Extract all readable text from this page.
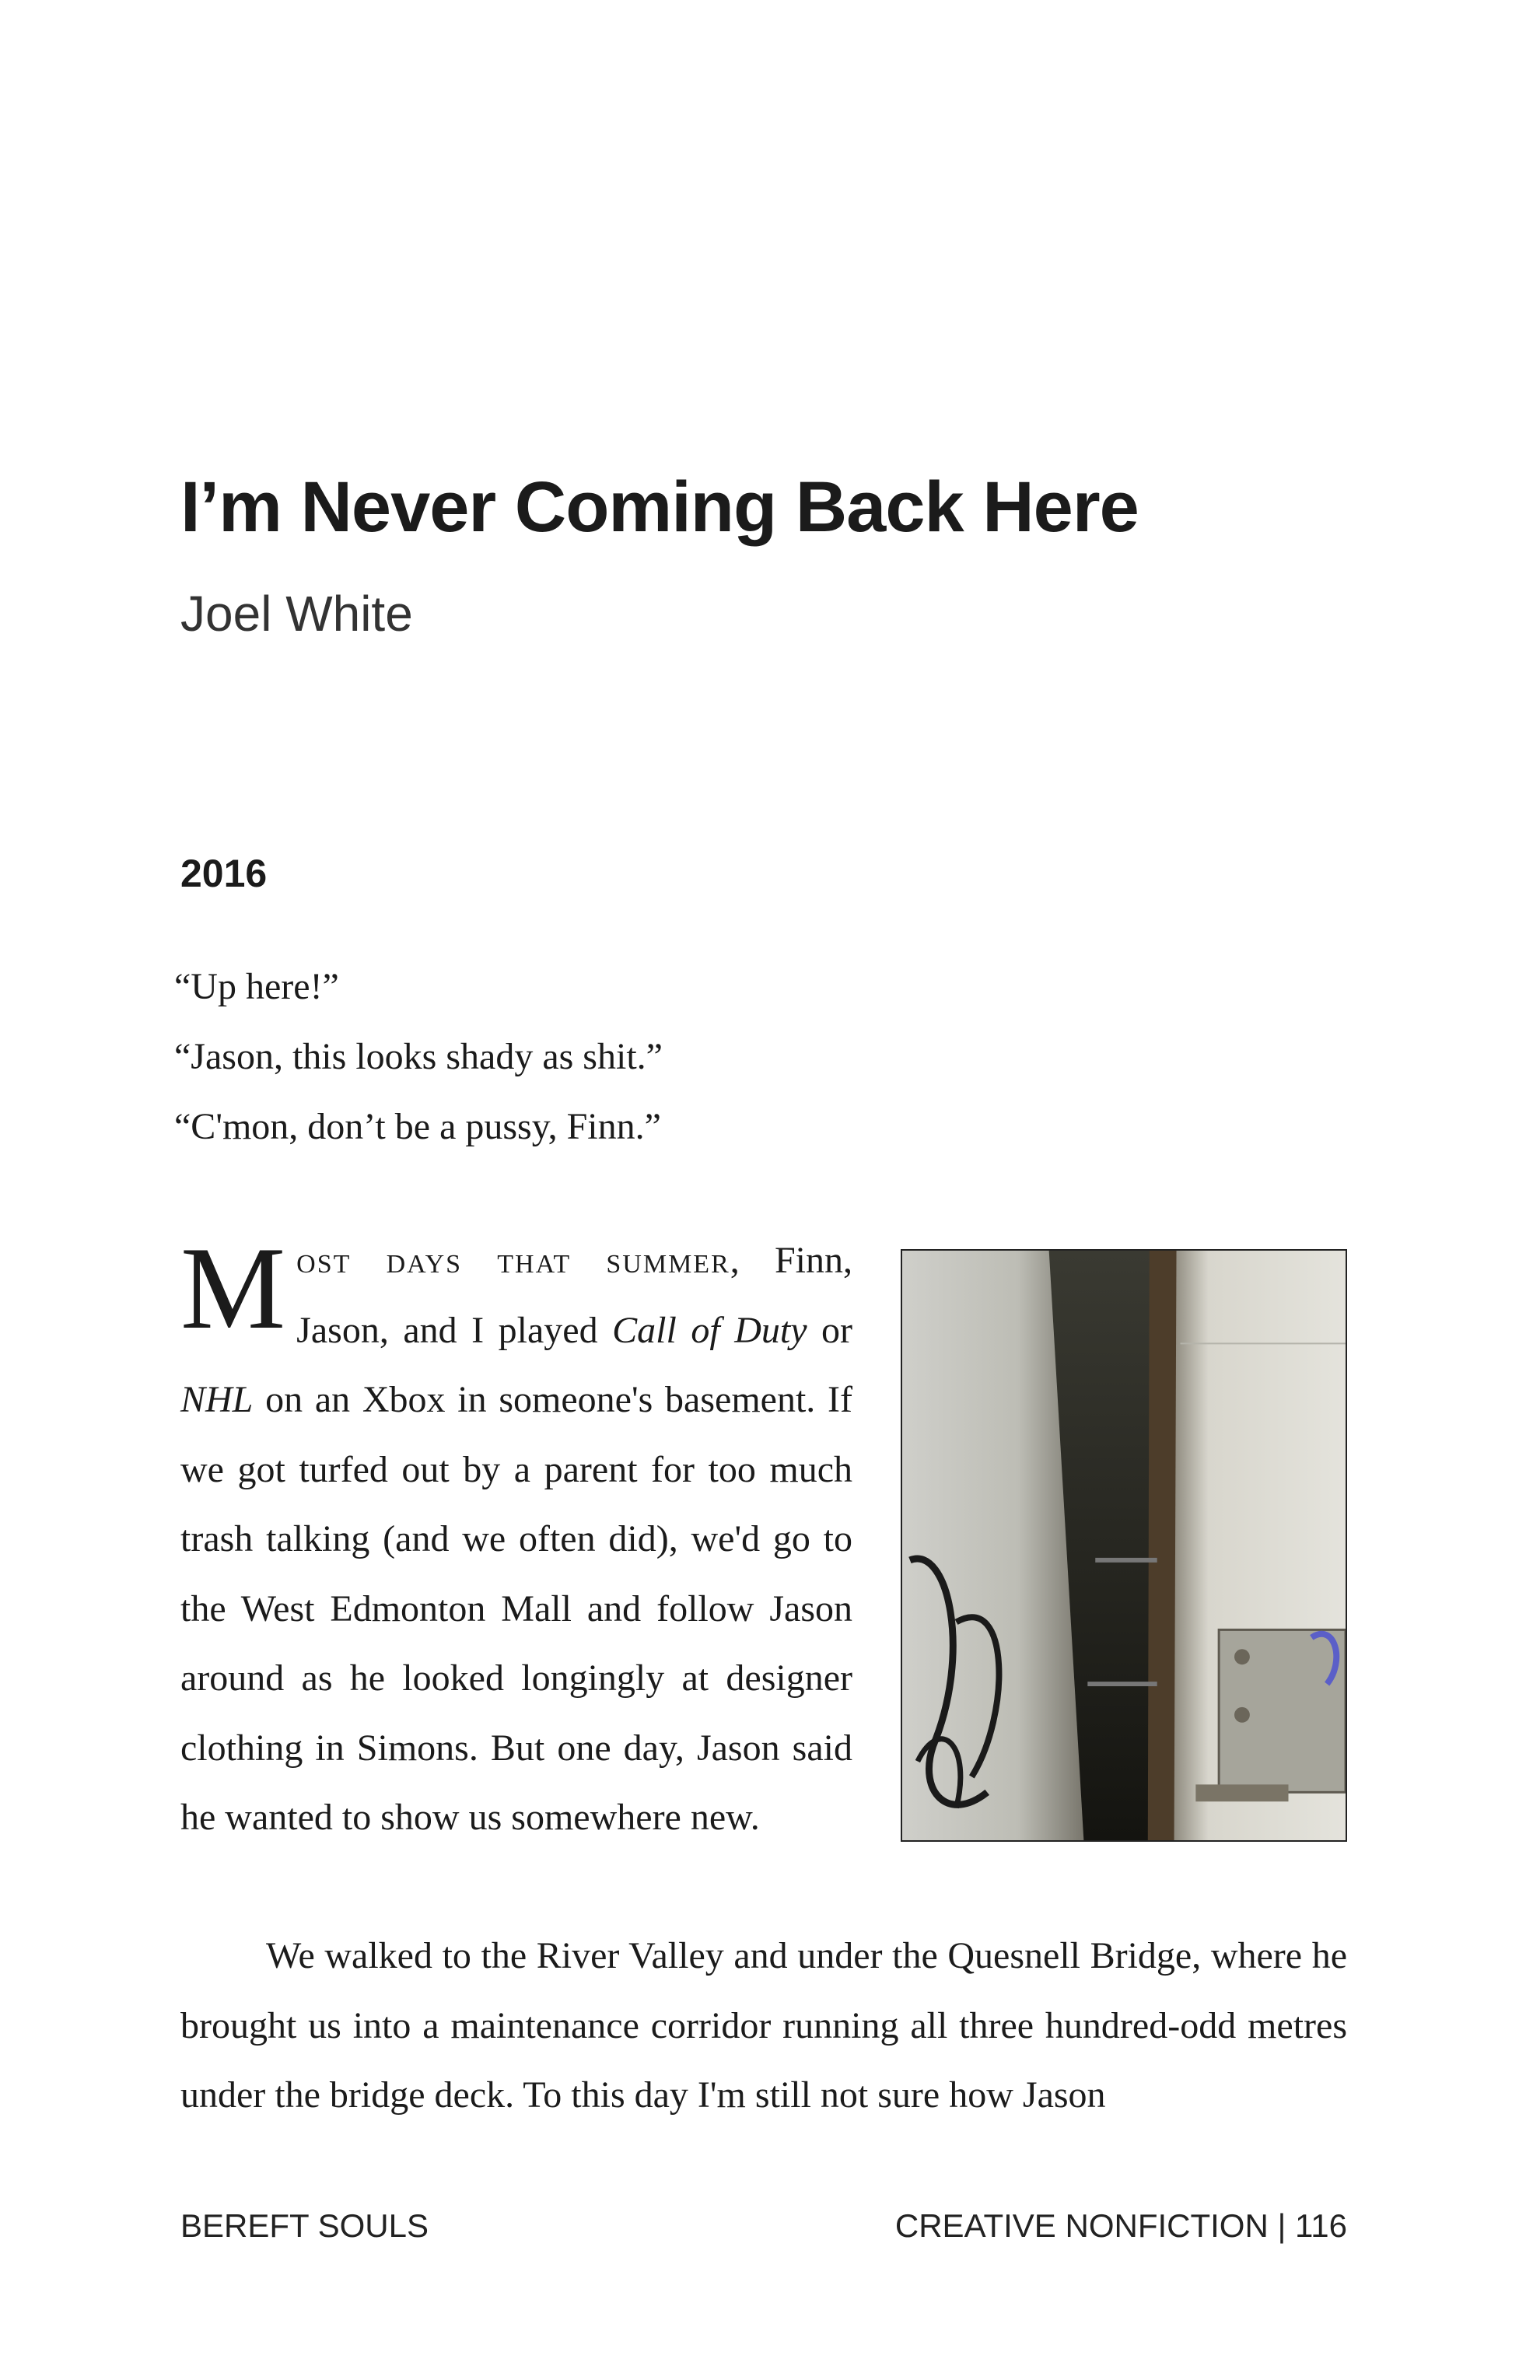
I’m Never Coming Back Here
Joel White
2016
“Up here!”
“Jason, this looks shady as shit.”
“C'mon, don’t be a pussy, Finn.”
Most days that summer, Finn, Jason, and I played Call of Duty or NHL on an Xbox in someone's basement. If we got turfed out by a parent for too much trash talking (and we often did), we'd go to the West Edmonton Mall and follow Jason around as he looked longingly at designer clothing in Simons. But one day, Jason said he wanted to show us somewhere new.
We walked to the River Valley and under the Quesnell Bridge, where he brought us into a maintenance corridor running all three hundred-odd metres under the bridge deck. To this day I'm still not sure how Jason
BEREFT SOULS	CREATIVE NONFICTION | 116
